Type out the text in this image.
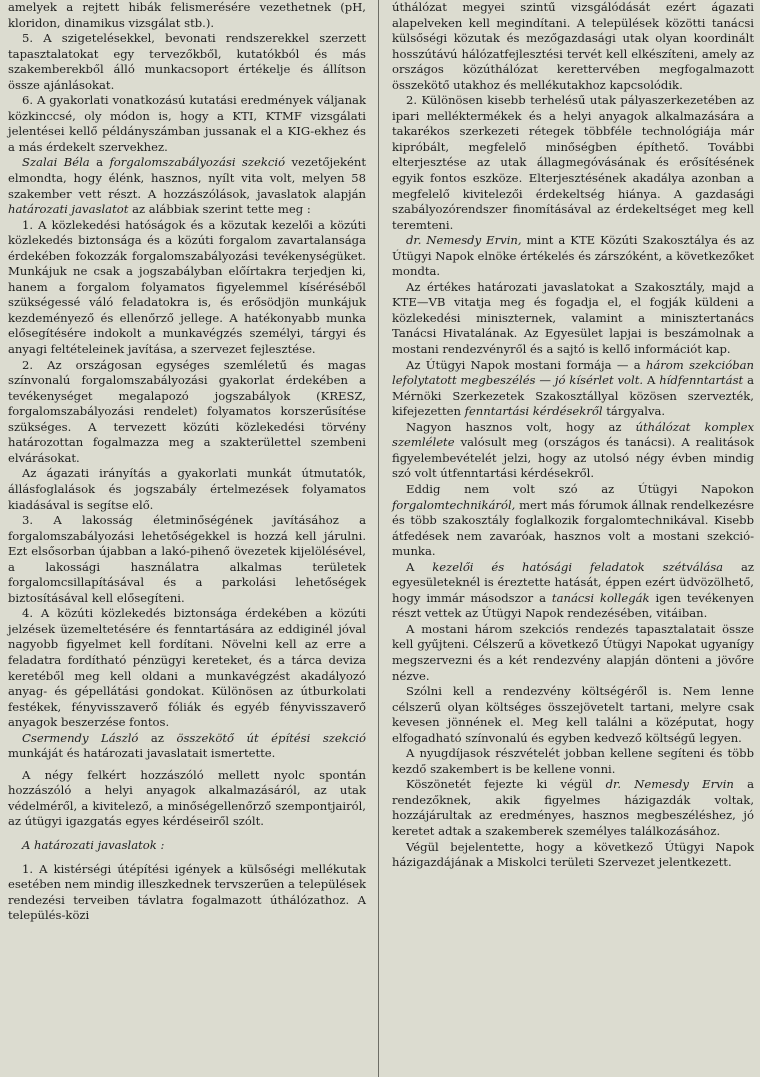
amelyek a rejtett hibák felismerésére vezethetnek (pH, kloridon, dinamikus vizsgálat stb.).

5. A szigetelésekkel, bevonati rendszerekkel szerzett tapasztalatokat egy tervezőkből, kutatókból és más szakemberekből álló munkacsoport értékelje és állítson össze ajánlásokat.

6. A gyakorlati vonatkozású kutatási eredmények váljanak közkinccsé, oly módon is, hogy a KTI, KTMF vizsgálati jelentései kellő példányszámban jussanak el a KIG-ekhez és a más érdekelt szervekhez.

Szalai Béla a forgalomszabályozási szekció vezetőjeként elmondta, hogy élénk, hasznos, nyílt vita volt, melyen 58 szakember vett részt. A hozzászólások, javaslatok alapján határozati javaslatot az alábbiak szerint tette meg :

1. A közlekedési hatóságok és a közutak kezelői a közúti közlekedés biztonsága és a közúti forgalom zavartalansága érdekében fokozzák forgalomszabályozási tevékenységüket. Munkájuk ne csak a jogszabályban előírtakra terjedjen ki, hanem a forgalom folyamatos figyelemmel kíséréséből szükségessé váló feladatokra is, és erősödjön munkájuk kezdeményező és ellenőrző jellege. A hatékonyabb munka elősegítésére indokolt a munkavégzés személyi, tárgyi és anyagi feltételeinek javítása, a szervezet fejlesztése.

2. Az országosan egységes szemléletű és magas színvonalú forgalomszabályozási gyakorlat érdekében a tevékenységet megalapozó jogszabályok (KRESZ, forgalomszabályozási rendelet) folyamatos korszerűsítése szükséges. A tervezett közúti közlekedési törvény határozottan fogalmazza meg a szakterülettel szembeni elvárásokat.

Az ágazati irányítás a gyakorlati munkát útmutatók, állásfoglalások és jogszabály értelmezések folyamatos kiadásával is segítse elő.

3. A lakosság életminőségének javításához a forgalomszabályozási lehetőségekkel is hozzá kell járulni. Ezt elsősorban újabban a lakó-pihenő övezetek kijelölésével, a lakossági használatra alkalmas területek forgalomcsillapításával és a parkolási lehetőségek biztosításával kell elősegíteni.

4. A közúti közlekedés biztonsága érdekében a közúti jelzések üzemeltetésére és fenntartására az eddiginél jóval nagyobb figyelmet kell fordítani. Növelni kell az erre a feladatra fordítható pénzügyi kereteket, és a tárca deviza keretéből meg kell oldani a munkavégzést akadályozó anyag- és gépellátási gondokat. Különösen az útburkolati festékek, fényvisszaverő fóliák és egyéb fényvisszaverő anyagok beszerzése fontos.

Csermendy László az összekötő út építési szekció munkáját és határozati javaslatait ismertette.

A négy felkért hozzászóló mellett nyolc spontán hozzászóló a helyi anyagok alkalmazásáról, az utak védelméről, a kivitelező, a minőségellenőrző szempontjairól, az útügyi igazgatás egyes kérdéseiről szólt.

A határozati javaslatok :

1. A kistérségi útépítési igények a külsőségi mellékutak esetében nem mindig illeszkednek tervszerűen a települések rendezési terveiben távlatra fogalmazott úthálózathoz. A település-közi

úthálózat megyei szintű vizsgálódását ezért ágazati alapelveken kell megindítani. A települések közötti tanácsi külsőségi közutak és mezőgazdasági utak olyan koordinált hosszútávú hálózatfejlesztési tervét kell elkészíteni, amely az országos közúthálózat kerettervében megfogalmazott összekötő utakhoz és mellékutakhoz kapcsolódik.

2. Különösen kisebb terhelésű utak pályaszerkezetében az ipari melléktermékek és a helyi anyagok alkalmazására a takarékos szerkezeti rétegek többféle technológiája már kipróbált, megfelelő minőségben építhető. További elterjesztése az utak állagmegóvásának és erősítésének egyik fontos eszköze. Elterjesztésének akadálya azonban a megfelelő kivitelezői érdekeltség hiánya. A gazdasági szabályozórendszer finomításával az érdekeltséget meg kell teremteni.

dr. Nemesdy Ervin, mint a KTE Közúti Szakosztálya és az Útügyi Napok elnöke értékelés és zárszóként, a következőket mondta.

Az értékes határozati javaslatokat a Szakosztály, majd a KTE—VB vitatja meg és fogadja el, el fogják küldeni a közlekedési miniszternek, valamint a minisztertanács Tanácsi Hivatalának. Az Egyesület lapjai is beszámolnak a mostani rendezvényről és a sajtó is kellő információt kap.

Az Útügyi Napok mostani formája — a három szekcióban lefolytatott megbeszélés — jó kísérlet volt. A hídfenntartást a Mérnöki Szerkezetek Szakosztállyal közösen szervezték, kifejezetten fenntartási kérdésekről tárgyalva.

Nagyon hasznos volt, hogy az úthálózat komplex szemlélete valósult meg (országos és tanácsi). A realitások figyelembevételét jelzi, hogy az utolsó négy évben mindig szó volt útfenntartási kérdésekről.

Eddig nem volt szó az Útügyi Napokon forgalomtechnikáról, mert más fórumok állnak rendelkezésre és több szakosztály foglalkozik forgalomtechnikával. Kisebb átfedések nem zavaróak, hasznos volt a mostani szekció-munka.

A kezelői és hatósági feladatok szétválása az egyesületeknél is éreztette hatását, éppen ezért üdvözölhető, hogy immár másodszor a tanácsi kollegák igen tevékenyen részt vettek az Útügyi Napok rendezésében, vitáiban.

A mostani három szekciós rendezés tapasztalatait össze kell gyűjteni. Célszerű a következő Útügyi Napokat ugyanígy megszervezni és a két rendezvény alapján dönteni a jövőre nézve.

Szólni kell a rendezvény költségéről is. Nem lenne célszerű olyan költséges összejövetelt tartani, melyre csak kevesen jönnének el. Meg kell találni a középutat, hogy elfogadható színvonalú és egyben kedvező költségű legyen.

A nyugdíjasok részvételét jobban kellene segíteni és több kezdő szakembert is be kellene vonni.

Köszönetét fejezte ki végül dr. Nemesdy Ervin a rendezőknek, akik figyelmes házigazdák voltak, hozzájárultak az eredményes, hasznos megbeszéléshez, jó keretet adtak a szakemberek személyes találkozásához.

Végül bejelentette, hogy a következő Útügyi Napok házigazdájának a Miskolci területi Szervezet jelentkezett.
